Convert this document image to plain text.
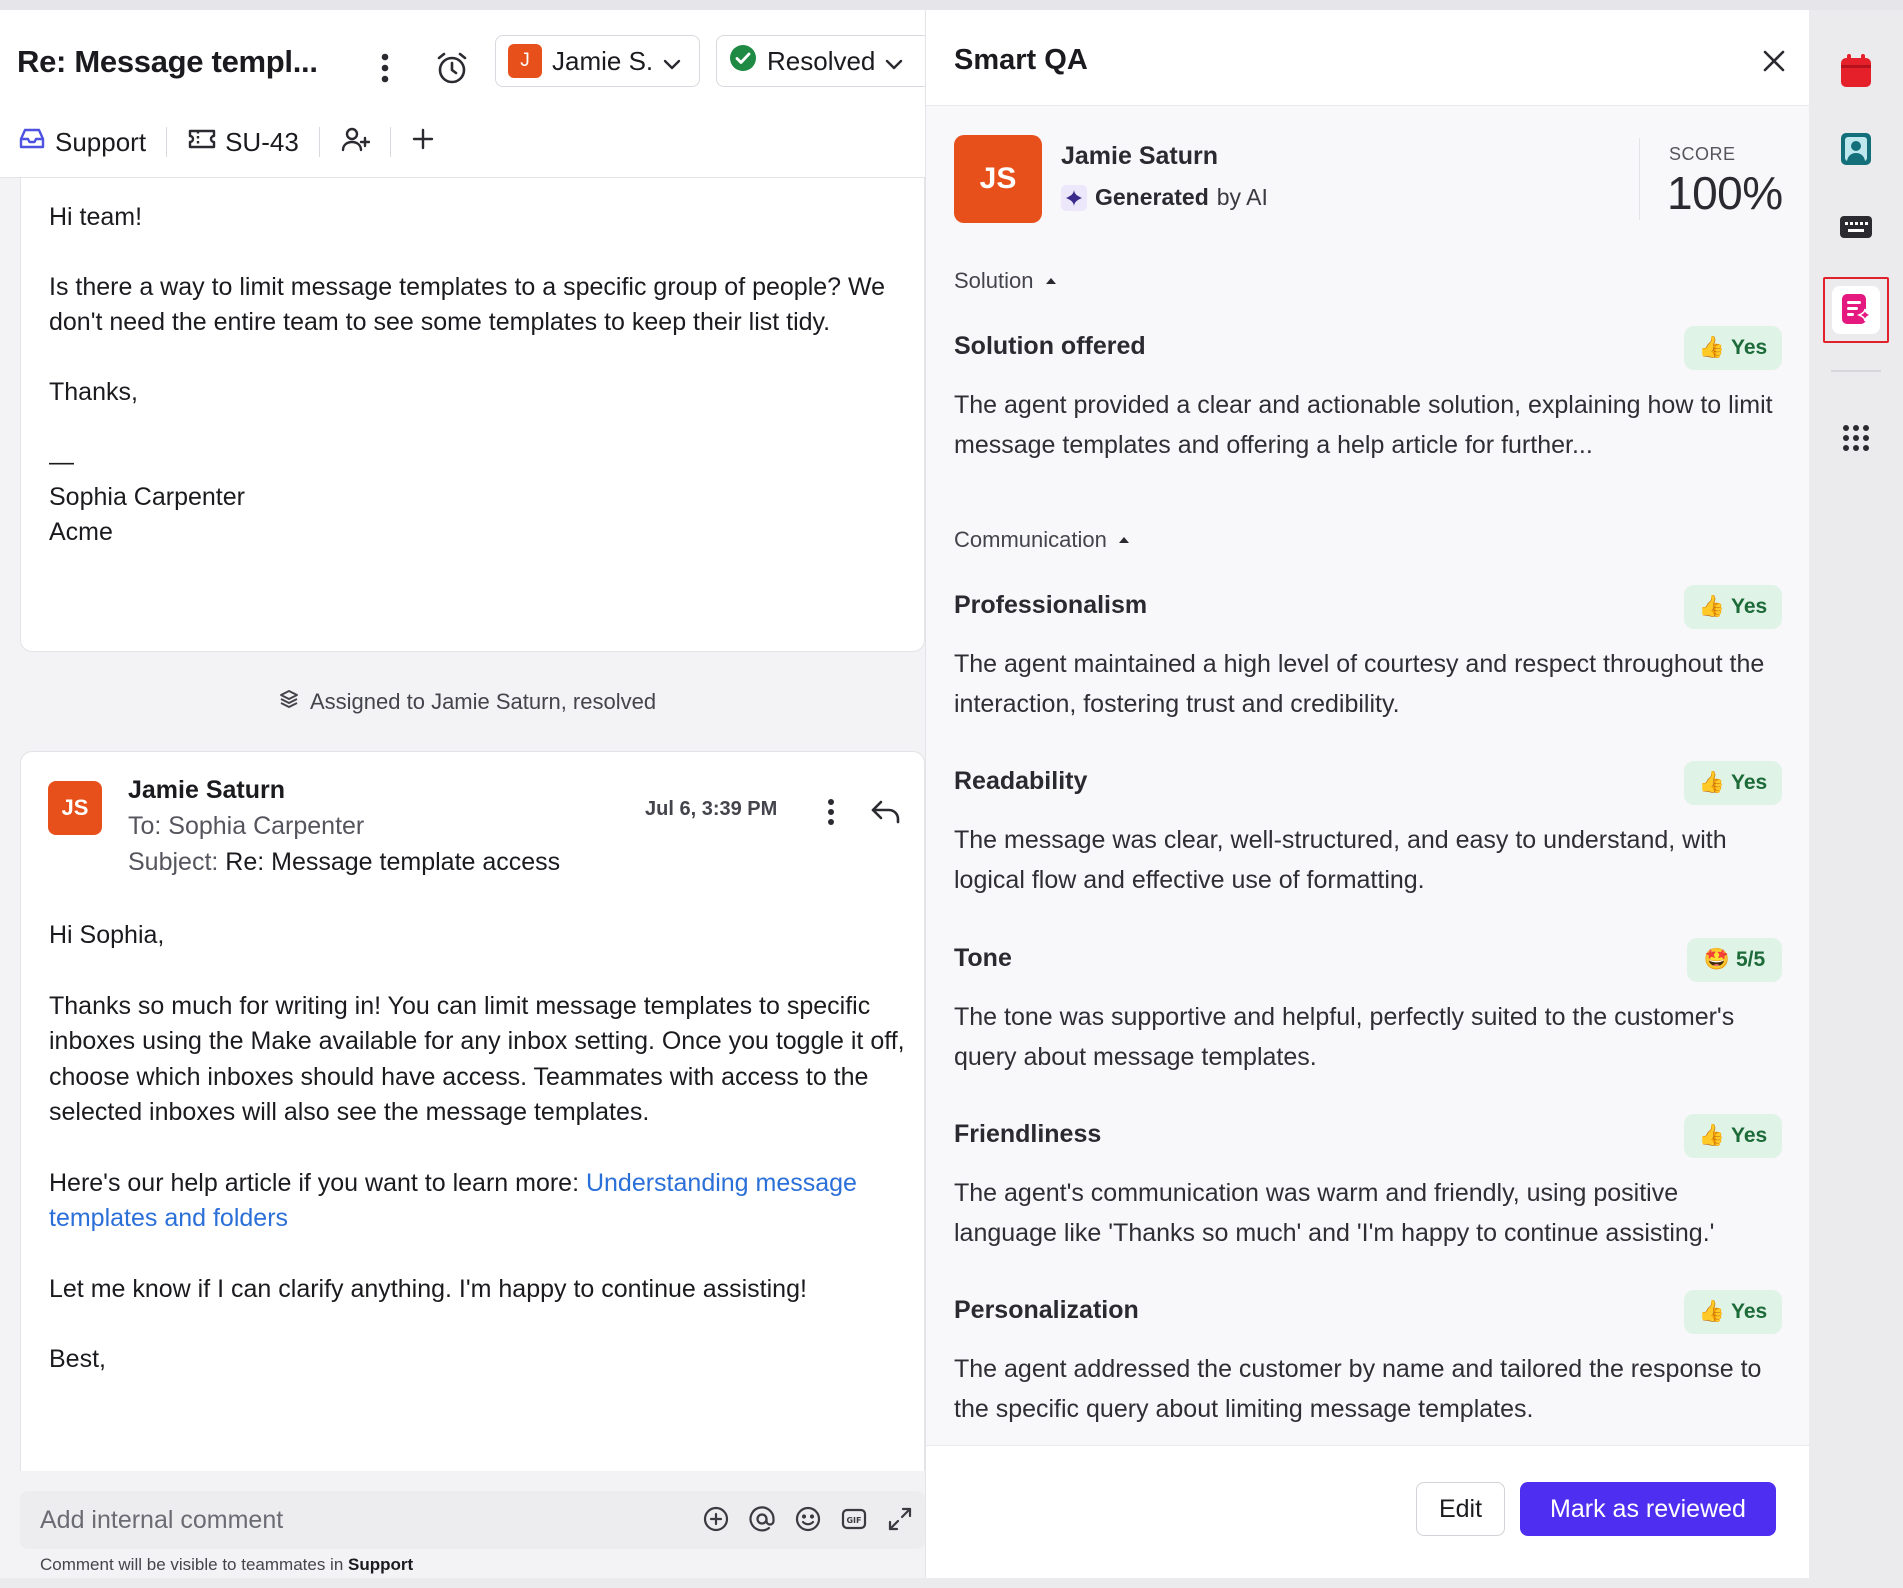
Re: Message templ...	J Jamie S.	Resolved
Support	SU-43

Hi team!

Is there a way to limit message templates to a specific group of people? We don't need the entire team to see some templates to keep their list tidy.

Thanks,

—
Sophia Carpenter
Acme
Assigned to Jamie Saturn, resolved
JS
Jamie Saturn
To: Sophia Carpenter
Subject: Re: Message template access
Jul 6, 3:39 PM

Hi Sophia,

Thanks so much for writing in! You can limit message templates to specific inboxes using the Make available for any inbox setting. Once you toggle it off, choose which inboxes should have access. Teammates with access to the selected inboxes will also see the message templates.

Here's our help article if you want to learn more: Understanding message templates and folders

Let me know if I can clarify anything. I'm happy to continue assisting!

Best,

Add internal comment	GIF
Comment will be visible to teammates in Support
Smart QA
JS
Jamie Saturn
Generated by AI
SCORE
100%
Solution
Solution offered	👍 Yes
The agent provided a clear and actionable solution, explaining how to limit message templates and offering a help article for further...
Communication
Professionalism	👍 Yes
The agent maintained a high level of courtesy and respect throughout the interaction, fostering trust and credibility.
Readability	👍 Yes
The message was clear, well-structured, and easy to understand, with logical flow and effective use of formatting.
Tone	🤩 5/5
The tone was supportive and helpful, perfectly suited to the customer's query about message templates.
Friendliness	👍 Yes
The agent's communication was warm and friendly, using positive language like 'Thanks so much' and 'I'm happy to continue assisting.'
Personalization	👍 Yes
The agent addressed the customer by name and tailored the response to the specific query about limiting message templates.
Edit	Mark as reviewed
